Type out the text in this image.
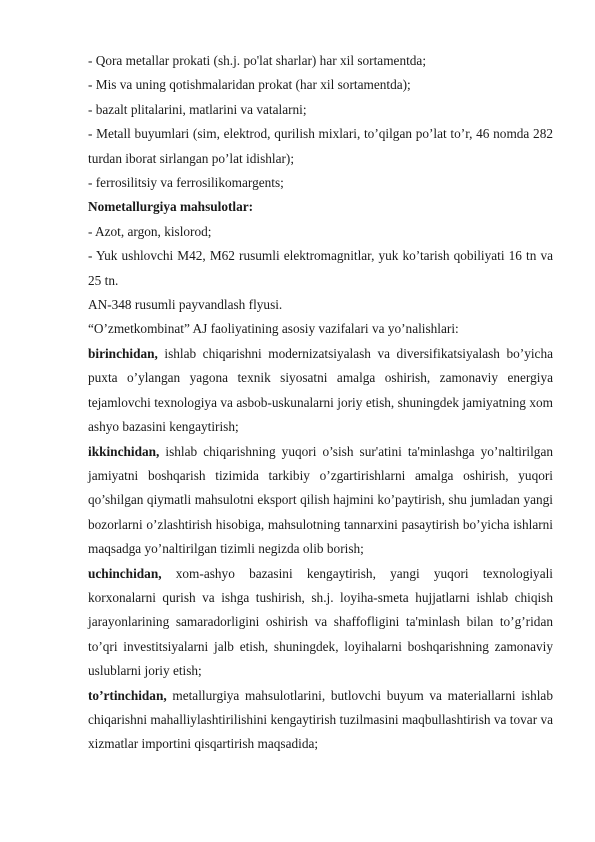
- Qora metallar prokati (sh.j. po'lat sharlar) har xil sortamentda;

- Mis va uning qotishmalaridan prokat (har xil sortamentda);

- bazalt plitalarini, matlarini va vatalarni;

- Metall buyumlari (sim, elektrod, qurilish mixlari, to’qilgan po’lat to’r, 46 nomda 282 turdan iborat sirlangan po’lat idishlar);

- ferrosilitsiy va ferrosilikomargents;

Nometallurgiya mahsulotlar:

- Azot, argon, kislorod;

- Yuk ushlovchi M42, M62 rusumli elektromagnitlar, yuk ko’tarish qobiliyati 16 tn va 25 tn.

AN-348 rusumli payvandlash flyusi.

“O’zmetkombinat” AJ faoliyatining asosiy vazifalari va yo’nalishlari:

birinchidan, ishlab chiqarishni modernizatsiyalash va diversifikatsiyalash bo’yicha puxta o’ylangan yagona texnik siyosatni amalga oshirish, zamonaviy energiya tejamlovchi texnologiya va asbob-uskunalarni joriy etish, shuningdek jamiyatning xom ashyo bazasini kengaytirish;

ikkinchidan, ishlab chiqarishning yuqori o’sish sur'atini ta'minlashga yo’naltirilgan jamiyatni boshqarish tizimida tarkibiy o’zgartirishlarni amalga oshirish, yuqori qo’shilgan qiymatli mahsulotni eksport qilish hajmini ko’paytirish, shu jumladan yangi bozorlarni o’zlashtirish hisobiga, mahsulotning tannarxini pasaytirish bo’yicha ishlarni maqsadga yo’naltirilgan tizimli negizda olib borish;

uchinchidan, xom-ashyo bazasini kengaytirish, yangi yuqori texnologiyali korxonalarni qurish va ishga tushirish, sh.j. loyiha-smeta hujjatlarni ishlab chiqish jarayonlarining samaradorligini oshirish va shaffofligini ta'minlash bilan to’g’ridan to’qri investitsiyalarni jalb etish, shuningdek, loyihalarni boshqarishning zamonaviy uslublarni joriy etish;

to’rtinchidan, metallurgiya mahsulotlarini, butlovchi buyum va materiallarni ishlab chiqarishni mahalliylashtirilishini kengaytirish tuzilmasini maqbullashtirish va tovar va xizmatlar importini qisqartirish maqsadida;
